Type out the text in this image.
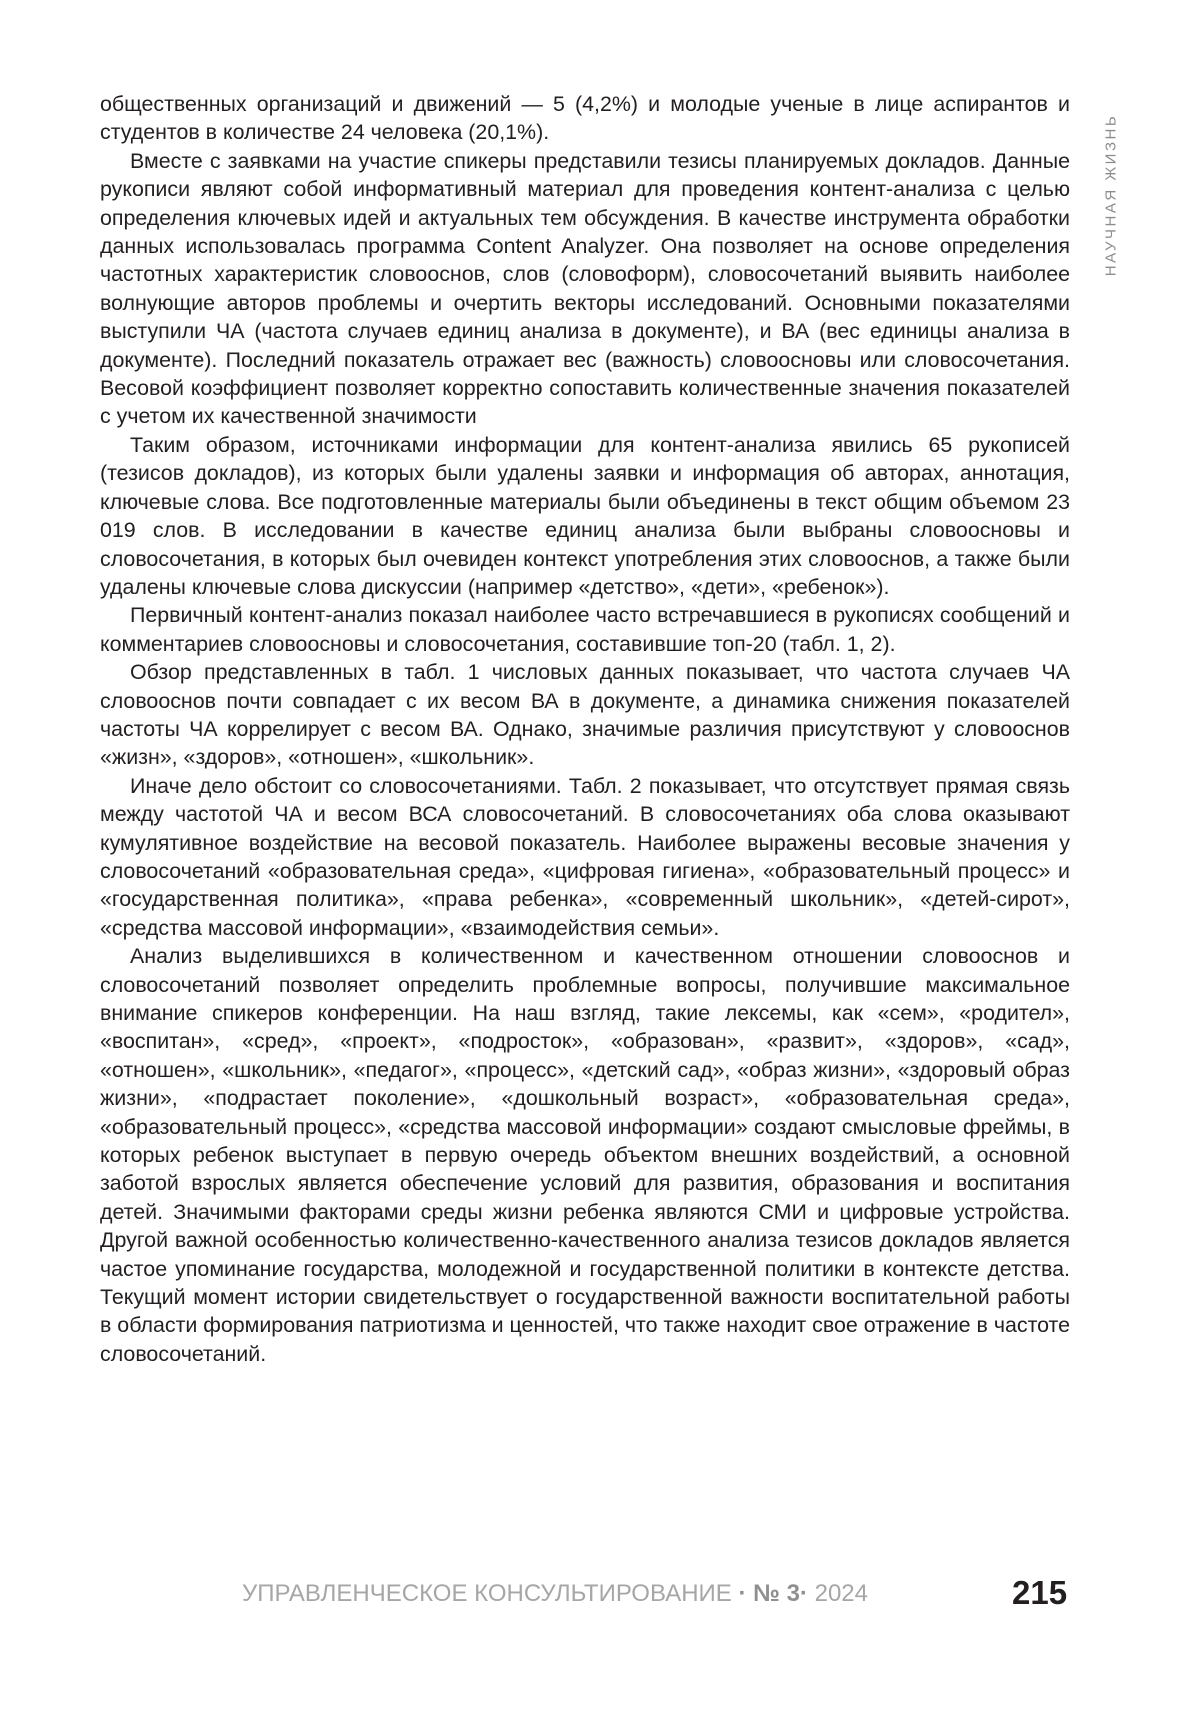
НАУЧНАЯ ЖИЗНЬ

общественных организаций и движений — 5 (4,2%) и молодые ученые в лице аспирантов и студентов в количестве 24 человека (20,1%).

Вместе с заявками на участие спикеры представили тезисы планируемых докладов. Данные рукописи являют собой информативный материал для проведения контент-анализа с целью определения ключевых идей и актуальных тем обсуждения. В качестве инструмента обработки данных использовалась программа Content Analyzer. Она позволяет на основе определения частотных характеристик словооснов, слов (словоформ), словосочетаний выявить наиболее волнующие авторов проблемы и очертить векторы исследований. Основными показателями выступили ЧА (частота случаев единиц анализа в документе), и ВА (вес единицы анализа в документе). Последний показатель отражает вес (важность) словоосновы или словосочетания. Весовой коэффициент позволяет корректно сопоставить количественные значения показателей с учетом их качественной значимости

Таким образом, источниками информации для контент-анализа явились 65 рукописей (тезисов докладов), из которых были удалены заявки и информация об авторах, аннотация, ключевые слова. Все подготовленные материалы были объединены в текст общим объемом 23 019 слов. В исследовании в качестве единиц анализа были выбраны словоосновы и словосочетания, в которых был очевиден контекст употребления этих словооснов, а также были удалены ключевые слова дискуссии (например «детство», «дети», «ребенок»).

Первичный контент-анализ показал наиболее часто встречавшиеся в рукописях сообщений и комментариев словоосновы и словосочетания, составившие топ-20 (табл. 1, 2).

Обзор представленных в табл. 1 числовых данных показывает, что частота случаев ЧА словооснов почти совпадает с их весом ВА в документе, а динамика снижения показателей частоты ЧА коррелирует с весом ВА. Однако, значимые различия присутствуют у словооснов «жизн», «здоров», «отношен», «школьник».

Иначе дело обстоит со словосочетаниями. Табл. 2 показывает, что отсутствует прямая связь между частотой ЧА и весом ВСА словосочетаний. В словосочетаниях оба слова оказывают кумулятивное воздействие на весовой показатель. Наиболее выражены весовые значения у словосочетаний «образовательная среда», «цифровая гигиена», «образовательный процесс» и «государственная политика», «права ребенка», «современный школьник», «детей-сирот», «средства массовой информации», «взаимодействия семьи».

Анализ выделившихся в количественном и качественном отношении словооснов и словосочетаний позволяет определить проблемные вопросы, получившие максимальное внимание спикеров конференции. На наш взгляд, такие лексемы, как «сем», «родител», «воспитан», «сред», «проект», «подросток», «образован», «развит», «здоров», «сад», «отношен», «школьник», «педагог», «процесс», «детский сад», «образ жизни», «здоровый образ жизни», «подрастает поколение», «дошкольный возраст», «образовательная среда», «образовательный процесс», «средства массовой информации» создают смысловые фреймы, в которых ребенок выступает в первую очередь объектом внешних воздействий, а основной заботой взрослых является обеспечение условий для развития, образования и воспитания детей. Значимыми факторами среды жизни ребенка являются СМИ и цифровые устройства. Другой важной особенностью количественно-качественного анализа тезисов докладов является частое упоминание государства, молодежной и государственной политики в контексте детства. Текущий момент истории свидетельствует о государственной важности воспитательной работы в области формирования патриотизма и ценностей, что также находит свое отражение в частоте словосочетаний.

УПРАВЛЕНЧЕСКОЕ КОНСУЛЬТИРОВАНИЕ · № 3· 2024	215
